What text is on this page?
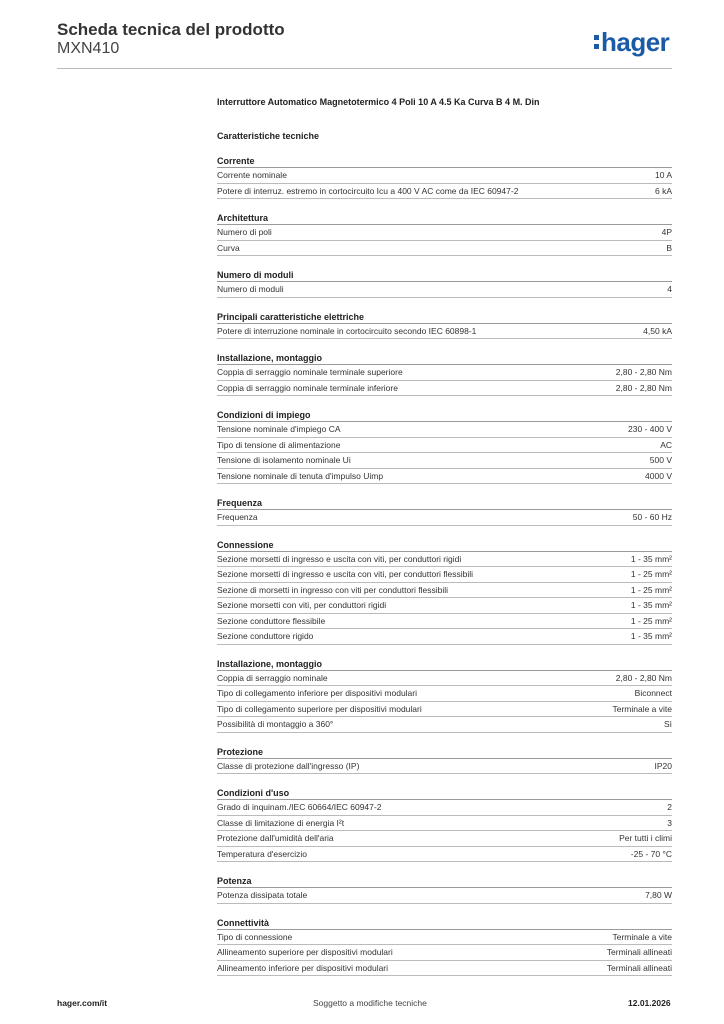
Scheda tecnica del prodotto
MXN410	hager
Interruttore Automatico Magnetotermico 4 Poli 10 A 4.5 Ka Curva B 4 M. Din
Caratteristiche tecniche
Corrente
Corrente nominale	10 A
Potere di interruz. estremo in cortocircuito Icu a 400 V AC come da IEC 60947-2	6 kA
Architettura
Numero di poli	4P
Curva	B
Numero di moduli
Numero di moduli	4
Principali caratteristiche elettriche
Potere di interruzione nominale in cortocircuito secondo IEC 60898-1	4,50 kA
Installazione, montaggio
Coppia di serraggio nominale terminale superiore	2,80 - 2,80 Nm
Coppia di serraggio nominale terminale inferiore	2,80 - 2,80 Nm
Condizioni di impiego
Tensione nominale d'impiego CA	230 - 400 V
Tipo di tensione di alimentazione	AC
Tensione di isolamento nominale Ui	500 V
Tensione nominale di tenuta d'impulso Uimp	4000 V
Frequenza
Frequenza	50 - 60 Hz
Connessione
Sezione morsetti di ingresso e uscita con viti, per conduttori rigidi	1 - 35 mm²
Sezione morsetti di ingresso e uscita con viti, per conduttori flessibili	1 - 25 mm²
Sezione di morsetti in ingresso con viti per conduttori flessibili	1 - 25 mm²
Sezione morsetti con viti, per conduttori rigidi	1 - 35 mm²
Sezione conduttore flessibile	1 - 25 mm²
Sezione conduttore rigido	1 - 35 mm²
Installazione, montaggio
Coppia di serraggio nominale	2,80 - 2,80 Nm
Tipo di collegamento inferiore per dispositivi modulari	Biconnect
Tipo di collegamento superiore per dispositivi modulari	Terminale a vite
Possibilità di montaggio a 360°	Sì
Protezione
Classe di protezione dall'ingresso (IP)	IP20
Condizioni d'uso
Grado di inquinam./IEC 60664/IEC 60947-2	2
Classe di limitazione di energia I²t	3
Protezione dall'umidità dell'aria	Per tutti i climi
Temperatura d'esercizio	-25 - 70 °C
Potenza
Potenza dissipata totale	7,80 W
Connettività
Tipo di connessione	Terminale a vite
Allineamento superiore per dispositivi modulari	Terminali allineati
Allineamento inferiore per dispositivi modulari	Terminali allineati
hager.com/it	Soggetto a modifiche tecniche	12.01.2026
